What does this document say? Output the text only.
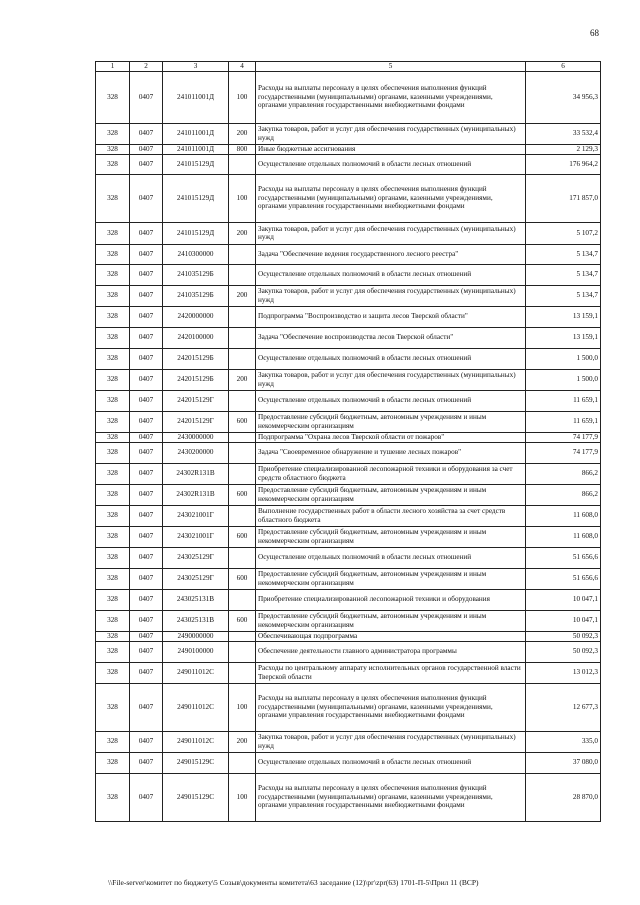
68
1	2	3	4	5	6
328	0407	241011001Д	100	Расходы на выплаты персоналу в целях обеспечения выполнения функций государственными (муниципальными) органами, казенными учреждениями, органами управления государственными внебюджетными фондами	34 956,3
328	0407	241011001Д	200	Закупка товаров, работ и услуг для обеспечения государственных (муниципальных) нужд	33 532,4
328	0407	241011001Д	800	Иные бюджетные ассигнования	2 129,3
328	0407	241015129Д		Осуществление отдельных полномочий в области лесных отношений	176 964,2
328	0407	241015129Д	100	Расходы на выплаты персоналу в целях обеспечения выполнения функций государственными (муниципальными) органами, казенными учреждениями, органами управления государственными внебюджетными фондами	171 857,0
328	0407	241015129Д	200	Закупка товаров, работ и услуг для обеспечения государственных (муниципальных) нужд	5 107,2
328	0407	2410300000		Задача "Обеспечение ведения государственного лесного реестра"	5 134,7
328	0407	241035129Б		Осуществление отдельных полномочий в области лесных отношений	5 134,7
328	0407	241035129Б	200	Закупка товаров, работ и услуг для обеспечения государственных (муниципальных) нужд	5 134,7
328	0407	2420000000		Подпрограмма "Воспроизводство и защита лесов Тверской области"	13 159,1
328	0407	2420100000		Задача "Обеспечение воспроизводства лесов Тверской области"	13 159,1
328	0407	242015129Б		Осуществление отдельных полномочий в области лесных отношений	1 500,0
328	0407	242015129Б	200	Закупка товаров, работ и услуг для обеспечения государственных (муниципальных) нужд	1 500,0
328	0407	242015129Г		Осуществление отдельных полномочий в области лесных отношений	11 659,1
328	0407	242015129Г	600	Предоставление субсидий бюджетным, автономным учреждениям и иным некоммерческим организациям	11 659,1
328	0407	2430000000		Подпрограмма "Охрана лесов Тверской области от пожаров"	74 177,9
328	0407	2430200000		Задача "Своевременное обнаружение и тушение лесных пожаров"	74 177,9
328	0407	24302R131В		Приобретение специализированной лесопожарной техники и оборудования за счет средств областного бюджета	866,2
328	0407	24302R131В	600	Предоставление субсидий бюджетным, автономным учреждениям и иным некоммерческим организациям	866,2
328	0407	243021001Г		Выполнение государственных работ в области лесного хозяйства за счет средств областного бюджета	11 608,0
328	0407	243021001Г	600	Предоставление субсидий бюджетным, автономным учреждениям и иным некоммерческим организациям	11 608,0
328	0407	243025129Г		Осуществление отдельных полномочий в области лесных отношений	51 656,6
328	0407	243025129Г	600	Предоставление субсидий бюджетным, автономным учреждениям и иным некоммерческим организациям	51 656,6
328	0407	243025131В		Приобретение специализированной лесопожарной техники и оборудования	10 047,1
328	0407	243025131В	600	Предоставление субсидий бюджетным, автономным учреждениям и иным некоммерческим организациям	10 047,1
328	0407	2490000000		Обеспечивающая подпрограмма	50 092,3
328	0407	2490100000		Обеспечение деятельности главного администратора программы	50 092,3
328	0407	249011012С		Расходы по центральному аппарату исполнительных органов государственной власти Тверской области	13 012,3
328	0407	249011012С	100	Расходы на выплаты персоналу в целях обеспечения выполнения функций государственными (муниципальными) органами, казенными учреждениями, органами управления государственными внебюджетными фондами	12 677,3
328	0407	249011012С	200	Закупка товаров, работ и услуг для обеспечения государственных (муниципальных) нужд	335,0
328	0407	249015129С		Осуществление отдельных полномочий в области лесных отношений	37 080,0
328	0407	249015129С	100	Расходы на выплаты персоналу в целях обеспечения выполнения функций государственными (муниципальными) органами, казенными учреждениями, органами управления государственными внебюджетными фондами	28 870,0
\\File-server\комитет по бюджету\5 Созыв\документы комитета\63 заседание (12)\рг\zpr(63) 1701-П-5\Прил 11 (ВСР)
